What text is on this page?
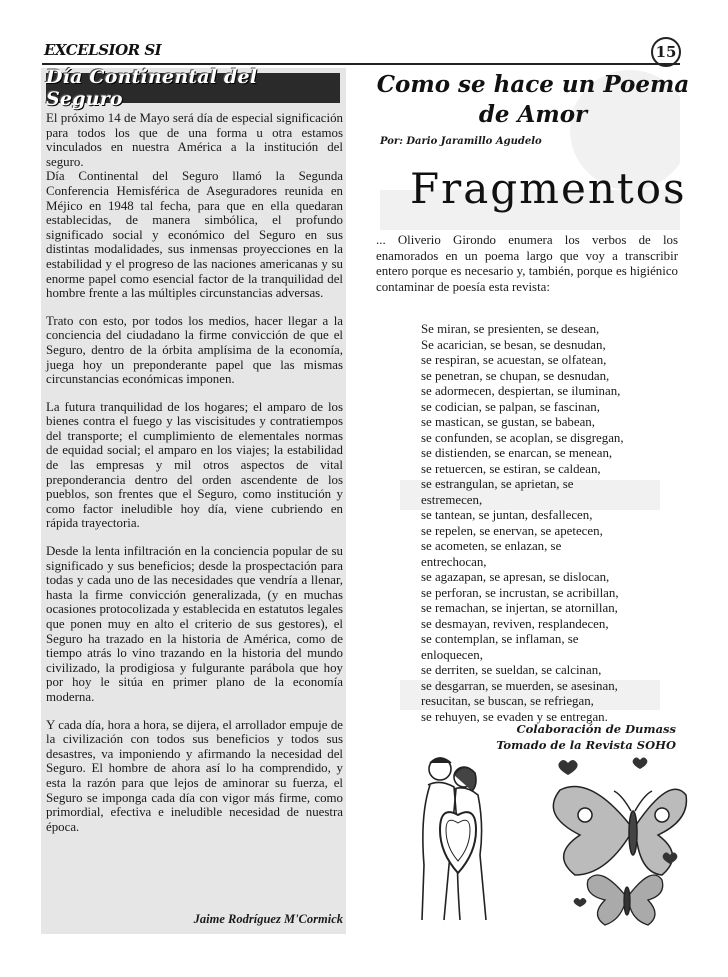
EXCELSIOR SI	15
Día Continental del Seguro

El próximo 14 de Mayo será día de especial significación para todos los que de una forma u otra estamos vinculados en nuestra América a la institución del seguro.

Día Continental del Seguro llamó la Segunda Conferencia Hemisférica de Aseguradores reunida en Méjico en 1948 tal fecha, para que en ella quedaran establecidas, de manera simbólica, el profundo significado social y económico del Seguro en sus distintas modalidades, sus inmensas proyecciones en la estabilidad y el progreso de las naciones americanas y su enorme papel como esencial factor de la tranquilidad del hombre frente a las múltiples circunstancias adversas.

Trato con esto, por todos los medios, hacer llegar a la conciencia del ciudadano la firme convicción de que el Seguro, dentro de la órbita amplísima de la economía, juega hoy un preponderante papel que las mismas circunstancias económicas imponen.

La futura tranquilidad de los hogares; el amparo de los bienes contra el fuego y las viscisitudes y contratiempos del transporte; el cumplimiento de elementales normas de equidad social; el amparo en los viajes; la estabilidad de las empresas y mil otros aspectos de vital preponderancia dentro del orden ascendente de los pueblos, son frentes que el Seguro, como institución y como factor ineludible hoy día, viene cubriendo en rápida trayectoria.

Desde la lenta infiltración en la conciencia popular de su significado y sus beneficios; desde la prospectación para todas y cada uno de las necesidades que vendría a llenar, hasta la firme convicción generalizada, (y en muchas ocasiones protocolizada y establecida en estatutos legales que ponen muy en alto el criterio de sus gestores), el Seguro ha trazado en la historia de América, como de tiempo atrás lo vino trazando en la historia del mundo civilizado, la prodigiosa y fulgurante parábola que hoy por hoy le sitúa en primer plano de la economía moderna.

Y cada día, hora a hora, se dijera, el arrollador empuje de la civilización con todos sus beneficios y todos sus desastres, va imponiendo y afirmando la necesidad del Seguro. El hombre de ahora así lo ha comprendido, y esta la razón para que lejos de aminorar su fuerza, el Seguro se imponga cada día con vigor más firme, como primordial, efectiva e ineludible necesidad de nuestra época.

Jaime Rodríguez M'Cormick
Como se hace un Poema de Amor
Por: Dario Jaramillo Agudelo
Fragmentos
... Oliverio Girondo enumera los verbos de los enamorados en un poema largo que voy a transcribir entero porque es necesario y, también, porque es higiénico contaminar de poesía esta revista:
Se miran, se presienten, se desean,
Se acarician, se besan, se desnudan,
se respiran, se acuestan, se olfatean,
se penetran, se chupan, se desnudan,
se adormecen, despiertan, se iluminan,
se codician, se palpan, se fascinan,
se mastican, se gustan, se babean,
se confunden, se acoplan, se disgregan,
se distienden, se enarcan, se menean,
se retuercen, se estiran, se caldean,
se estrangulan, se aprietan, se
estremecen,
se tantean, se juntan, desfallecen,
se repelen, se enervan, se apetecen,
se acometen, se enlazan, se
entrechocan,
se agazapan, se apresan, se dislocan,
se perforan, se incrustan, se acribillan,
se remachan, se injertan, se atornillan,
se desmayan, reviven, resplandecen,
se contemplan, se inflaman, se
enloquecen,
se derriten, se sueldan, se calcinan,
se desgarran, se muerden, se asesinan,
resucitan, se buscan, se refriegan,
se rehuyen, se evaden y se entregan.
Colaboración de Dumass
Tomado de la Revista SOHO
